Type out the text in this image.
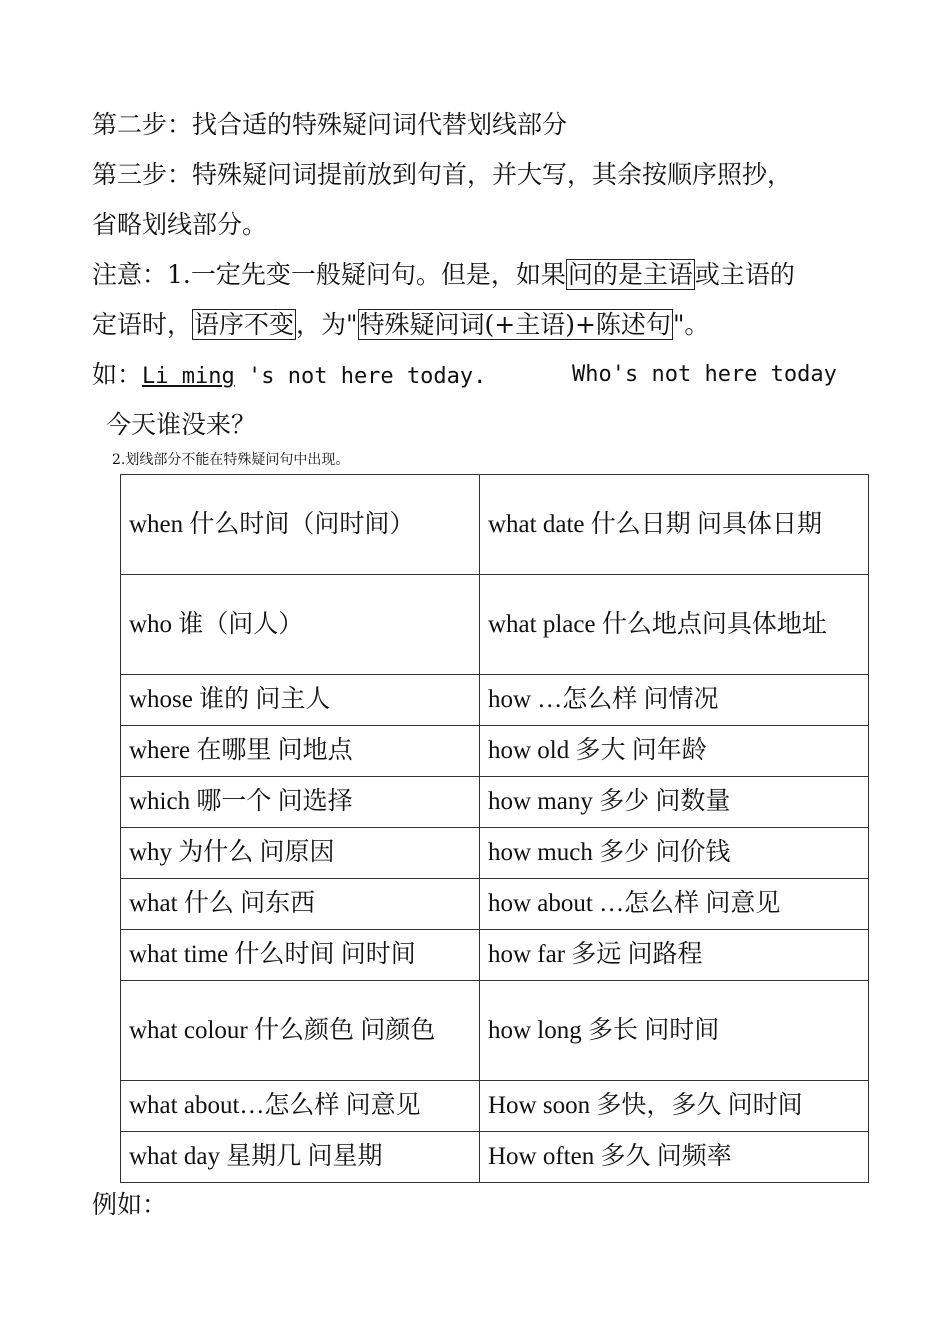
第二步：找合适的特殊疑问词代替划线部分
第三步：特殊疑问词提前放到句首，并大写，其余按顺序照抄，
省略划线部分。
注意：1.一定先变一般疑问句。但是，如果问的是主语或主语的
定语时，语序不变，为"特殊疑问词(+主语)+陈述句"。
如：Li ming 's not here today.	Who's not here today
今天谁没来？
2.划线部分不能在特殊疑问句中出现。
when 什么时间（问时间）	what date 什么日期 问具体日期
who 谁（问人）	what place 什么地点问具体地址
whose 谁的 问主人	how …怎么样 问情况
where 在哪里 问地点	how old 多大 问年龄
which 哪一个 问选择	how many 多少 问数量
why 为什么 问原因	how much 多少 问价钱
what 什么 问东西	how about …怎么样 问意见
what time 什么时间 问时间	how far 多远 问路程
what colour 什么颜色 问颜色	how long 多长 问时间
what about…怎么样 问意见	How soon 多快，多久 问时间
what day 星期几 问星期	How often 多久 问频率
例如：
